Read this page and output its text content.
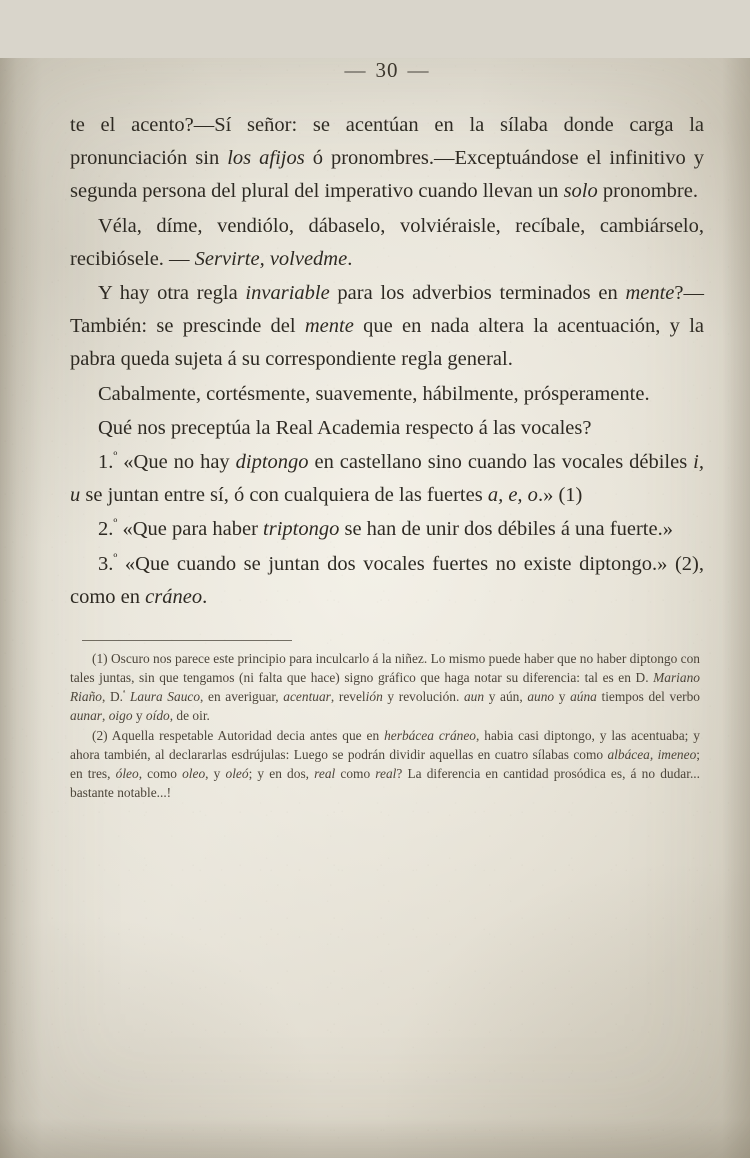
— 30 —

te el acento?—Sí señor: se acentúan en la sílaba donde carga la pronunciación sin los afijos ó pronombres.—Exceptuándose el infinitivo y segunda persona del plural del imperativo cuando llevan un solo pronombre.

Véla, díme, vendiólo, dábaselo, volviéraisle, recíbale, cambiárselo, recibiósele. — Servirte, volvedme.

Y hay otra regla invariable para los adverbios terminados en mente?—También: se prescinde del mente que en nada altera la acentuación, y la pabra queda sujeta á su correspondiente regla general.

Cabalmente, cortésmente, suavemente, hábilmente, prósperamente.

Qué nos preceptúa la Real Academia respecto á las vocales?

1.$^º$ «Que no hay diptongo en castellano sino cuando las vocales débiles i, u se juntan entre sí, ó con cualquiera de las fuertes a, e, o.» (1)

2.$^º$ «Que para haber triptongo se han de unir dos débiles á una fuerte.»

3.$^º$ «Que cuando se juntan dos vocales fuertes no existe diptongo.» (2), como en cráneo.

(1) Oscuro nos parece este principio para inculcarlo á la niñez. Lo mismo puede haber que no haber diptongo con tales juntas, sin que tengamos (ni falta que hace) signo gráfico que haga notar su diferencia: tal es en D. Mariano Riaño, D.$^ª$ Laura Sauco, en averiguar, acentuar, revelión y revolución. aun y aún, auno y aúna tiempos del verbo aunar, oigo y oído, de oir.

(2) Aquella respetable Autoridad decia antes que en herbácea cráneo, habia casi diptongo, y las acentuaba; y ahora también, al declararlas esdrújulas: Luego se podrán dividir aquellas en cuatro sílabas como albácea, imeneo; en tres, óleo, como oleo, y oleó; y en dos, real como real? La diferencia en cantidad prosódica es, á no dudar... bastante notable...!
